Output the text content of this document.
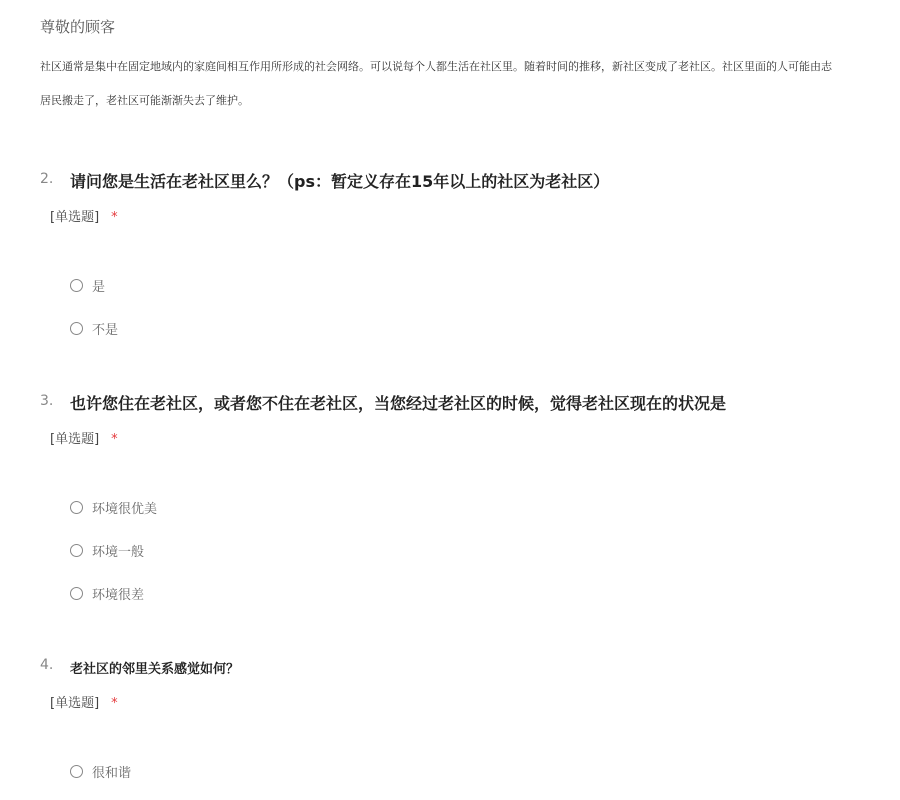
尊敬的顾客
社区通常是集中在固定地域内的家庭间相互作用所形成的社会网络。可以说每个人都生活在社区里。随着时间的推移，新社区变成了老社区。社区里面的人可能由志
居民搬走了，老社区可能渐渐失去了维护。
2. 请问您是生活在老社区里么？（ps：暂定义存在15年以上的社区为老社区）
[单选题] *
是
不是
3. 也许您住在老社区，或者您不住在老社区，当您经过老社区的时候，觉得老社区现在的状况是
[单选题] *
环境很优美
环境一般
环境很差
4. 老社区的邻里关系感觉如何？
[单选题] *
很和谐
